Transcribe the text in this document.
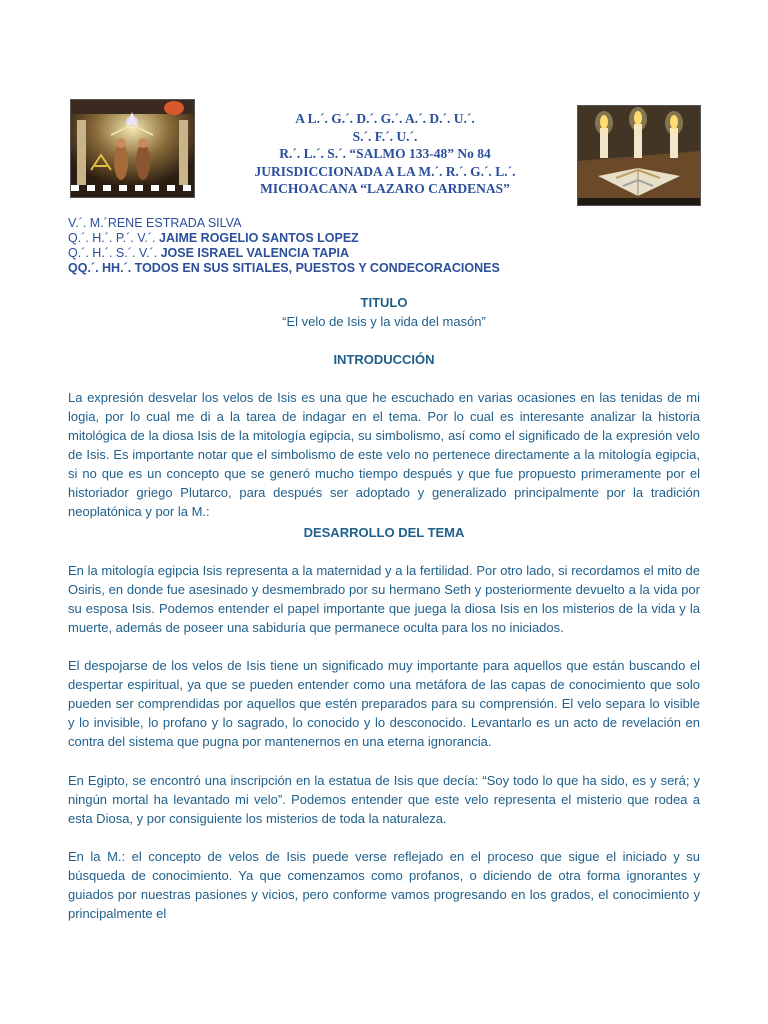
A L.´. G.´. D.´. G.´. A.´. D.´. U.´.
S.´. F.´. U.´.
R.´. L.´. S.´. “SALMO 133-48” No 84
JURISDICCIONADA A LA M.´. R.´. G.´. L.´.
MICHOACANA “LAZARO CARDENAS”
V.´. M.´RENE ESTRADA SILVA
Q.´. H.´. P.´. V.´. JAIME ROGELIO SANTOS LOPEZ
Q.´. H.´. S.´. V.´. JOSE ISRAEL VALENCIA TAPIA
QQ.´. HH.´. TODOS EN SUS SITIALES, PUESTOS Y CONDECORACIONES
TITULO
“El velo de Isis y la vida del masón”
INTRODUCCIÓN

La expresión desvelar los velos de Isis es una que he escuchado en varias ocasiones en las tenidas de mi logia, por lo cual me di a la tarea de indagar en el tema. Por lo cual es interesante analizar la historia mitológica de la diosa Isis de la mitología egipcia, su simbolismo, así como el significado de la expresión velo de Isis. Es importante notar que el simbolismo de este velo no pertenece directamente a la mitología egipcia, si no que es un concepto que se generó mucho tiempo después y que fue propuesto primeramente por el historiador griego Plutarco, para después ser adoptado y generalizado principalmente por la tradición neoplatónica y por la M.:

DESARROLLO DEL TEMA

En la mitología egipcia Isis representa a la maternidad y a la fertilidad. Por otro lado, si recordamos el mito de Osiris, en donde fue asesinado y desmembrado por su hermano Seth y posteriormente devuelto a la vida por su esposa Isis. Podemos entender el papel importante que juega la diosa Isis en los misterios de la vida y la muerte, además de poseer una sabiduría que permanece oculta para los no iniciados.

El despojarse de los velos de Isis tiene un significado muy importante para aquellos que están buscando el despertar espiritual, ya que se pueden entender como una metáfora de las capas de conocimiento que solo pueden ser comprendidas por aquellos que estén preparados para su comprensión. El velo separa lo visible y lo invisible, lo profano y lo sagrado, lo conocido y lo desconocido. Levantarlo es un acto de revelación en contra del sistema que pugna por mantenernos en una eterna ignorancia.

En Egipto, se encontró una inscripción en la estatua de Isis que decía: “Soy todo lo que ha sido, es y será; y ningún mortal ha levantado mi velo”. Podemos entender que este velo representa el misterio que rodea a esta Diosa, y por consiguiente los misterios de toda la naturaleza.

En la M.: el concepto de velos de Isis puede verse reflejado en el proceso que sigue el iniciado y su búsqueda de conocimiento. Ya que comenzamos como profanos, o diciendo de otra forma ignorantes y guiados por nuestras pasiones y vicios, pero conforme vamos progresando en los grados, el conocimiento y principalmente el
